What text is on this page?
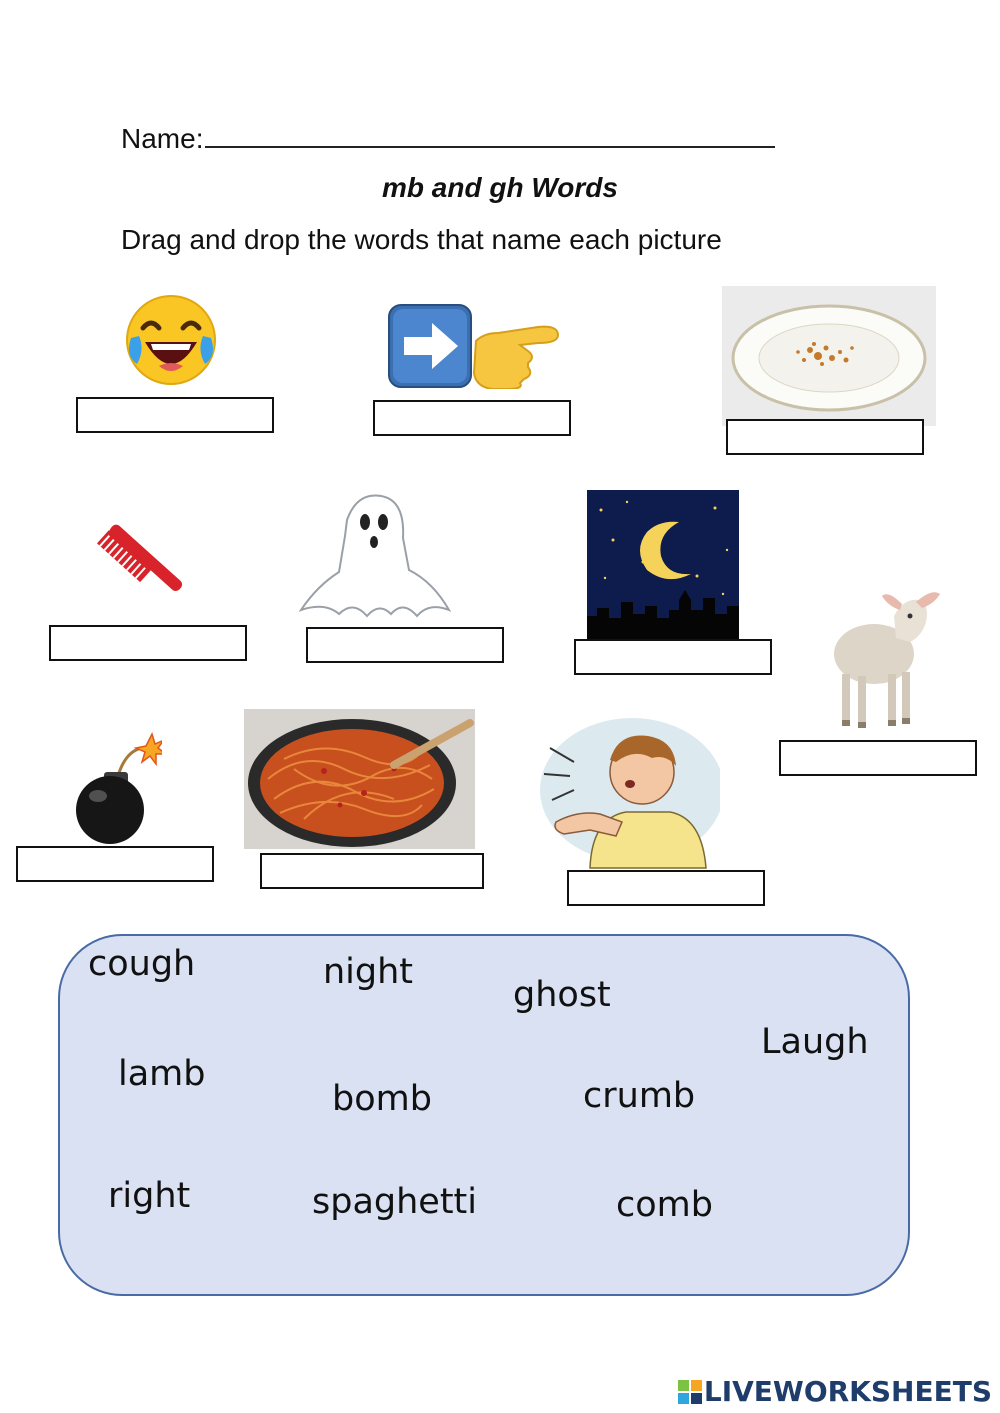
Name:
mb and gh Words
Drag and drop the words that name each picture
cough	night
ghost
Laugh
lamb
bomb	crumb
right	spaghetti	comb
LIVEWORKSHEETS
